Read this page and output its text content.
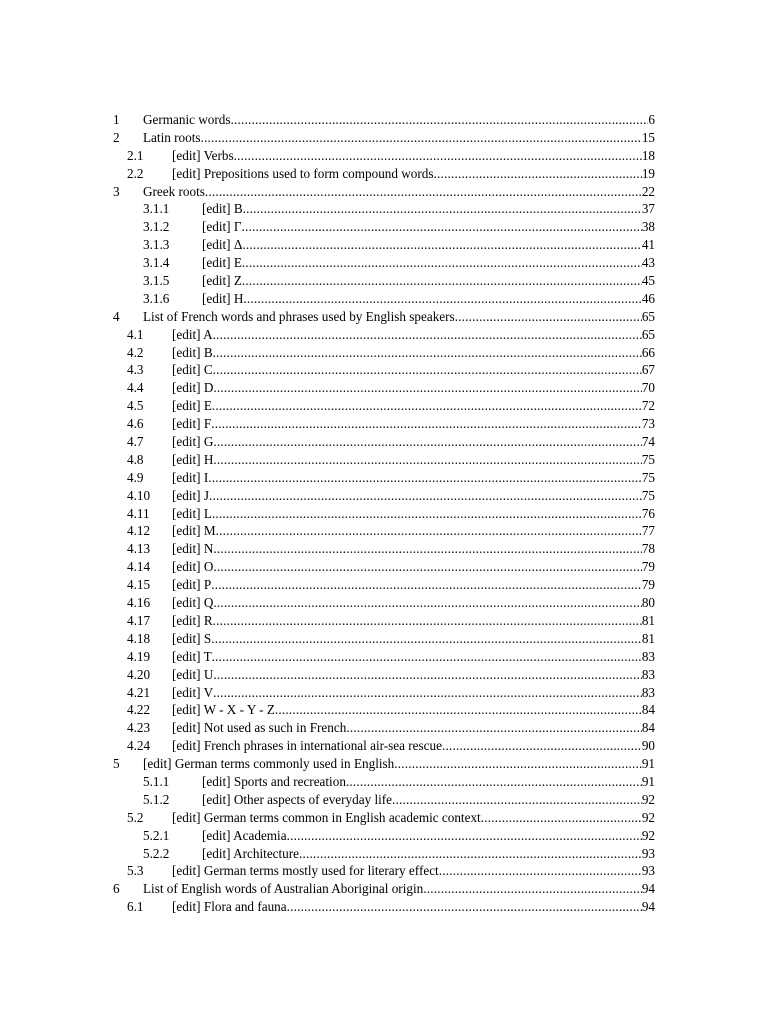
1	Germanic words .....	6
2	Latin roots .....	15
2.1	[edit] Verbs .....	18
2.2	[edit] Prepositions used to form compound words .....	19
3	Greek roots .....	22
3.1.1	[edit] B .....	37
3.1.2	[edit] Γ .....	38
3.1.3	[edit] Δ .....	41
3.1.4	[edit] E .....	43
3.1.5	[edit] Z .....	45
3.1.6	[edit] H .....	46
4	List of French words and phrases used by English speakers .....	65
4.1	[edit] A .....	65
4.2	[edit] B .....	66
4.3	[edit] C .....	67
4.4	[edit] D .....	70
4.5	[edit] E .....	72
4.6	[edit] F .....	73
4.7	[edit] G .....	74
4.8	[edit] H .....	75
4.9	[edit] I .....	75
4.10	[edit] J .....	75
4.11	[edit] L .....	76
4.12	[edit] M .....	77
4.13	[edit] N .....	78
4.14	[edit] O .....	79
4.15	[edit] P .....	79
4.16	[edit] Q .....	80
4.17	[edit] R .....	81
4.18	[edit] S .....	81
4.19	[edit] T .....	83
4.20	[edit] U .....	83
4.21	[edit] V .....	83
4.22	[edit] W - X - Y - Z .....	84
4.23	[edit] Not used as such in French .....	84
4.24	[edit] French phrases in international air-sea rescue .....	90
5	[edit] German terms commonly used in English .....	91
5.1.1	[edit] Sports and recreation .....	91
5.1.2	[edit] Other aspects of everyday life .....	92
5.2	[edit] German terms common in English academic context .....	92
5.2.1	[edit] Academia .....	92
5.2.2	[edit] Architecture .....	93
5.3	[edit] German terms mostly used for literary effect .....	93
6	List of English words of Australian Aboriginal origin .....	94
6.1	[edit] Flora and fauna .....	94
